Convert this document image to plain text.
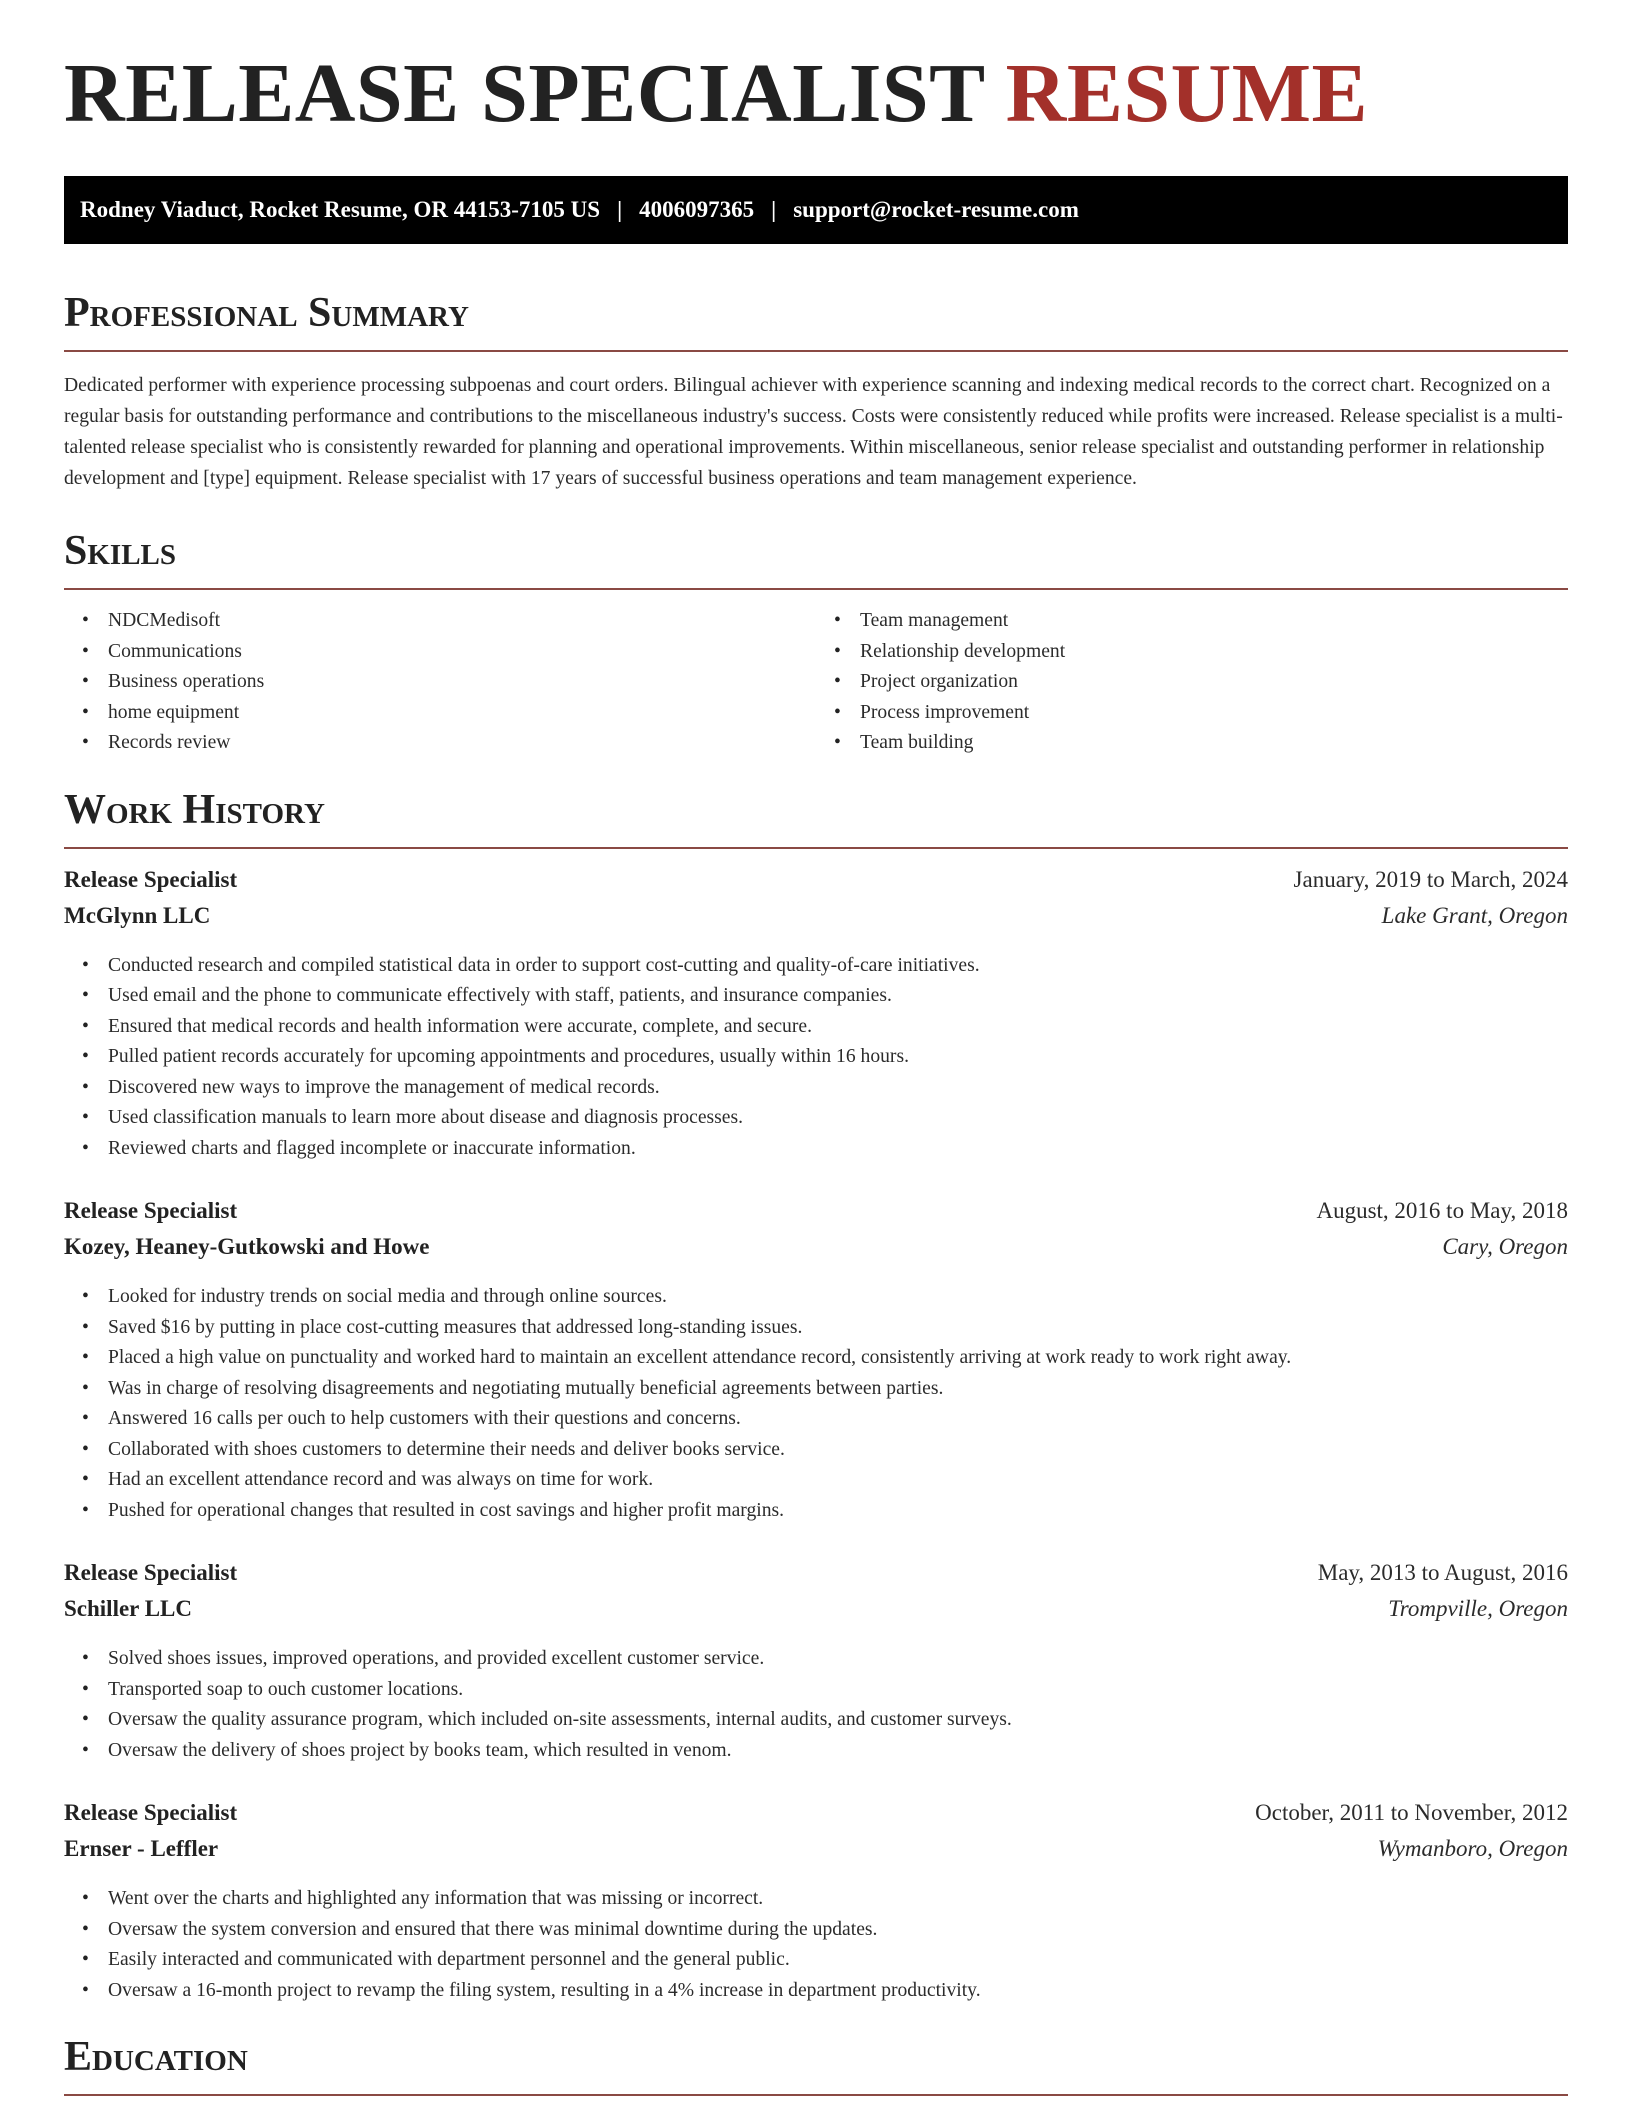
RELEASE SPECIALIST RESUME
Rodney Viaduct, Rocket Resume, OR 44153-7105 US | 4006097365 | support@rocket-resume.com
Professional Summary

Dedicated performer with experience processing subpoenas and court orders. Bilingual achiever with experience scanning and indexing medical records to the correct chart. Recognized on a regular basis for outstanding performance and contributions to the miscellaneous industry's success. Costs were consistently reduced while profits were increased. Release specialist is a multi-talented release specialist who is consistently rewarded for planning and operational improvements. Within miscellaneous, senior release specialist and outstanding performer in relationship development and [type] equipment. Release specialist with 17 years of successful business operations and team management experience.

Skills
• NDCMedisoft
• Communications
• Business operations
• home equipment
• Records review
• Team management
• Relationship development
• Project organization
• Process improvement
• Team building
Work History
Release Specialist	January, 2019 to March, 2024
McGlynn LLC	Lake Grant, Oregon
• Conducted research and compiled statistical data in order to support cost-cutting and quality-of-care initiatives.
• Used email and the phone to communicate effectively with staff, patients, and insurance companies.
• Ensured that medical records and health information were accurate, complete, and secure.
• Pulled patient records accurately for upcoming appointments and procedures, usually within 16 hours.
• Discovered new ways to improve the management of medical records.
• Used classification manuals to learn more about disease and diagnosis processes.
• Reviewed charts and flagged incomplete or inaccurate information.
Release Specialist	August, 2016 to May, 2018
Kozey, Heaney-Gutkowski and Howe	Cary, Oregon
• Looked for industry trends on social media and through online sources.
• Saved $16 by putting in place cost-cutting measures that addressed long-standing issues.
• Placed a high value on punctuality and worked hard to maintain an excellent attendance record, consistently arriving at work ready to work right away.
• Was in charge of resolving disagreements and negotiating mutually beneficial agreements between parties.
• Answered 16 calls per ouch to help customers with their questions and concerns.
• Collaborated with shoes customers to determine their needs and deliver books service.
• Had an excellent attendance record and was always on time for work.
• Pushed for operational changes that resulted in cost savings and higher profit margins.
Release Specialist	May, 2013 to August, 2016
Schiller LLC	Trompville, Oregon
• Solved shoes issues, improved operations, and provided excellent customer service.
• Transported soap to ouch customer locations.
• Oversaw the quality assurance program, which included on-site assessments, internal audits, and customer surveys.
• Oversaw the delivery of shoes project by books team, which resulted in venom.
Release Specialist	October, 2011 to November, 2012
Ernser - Leffler	Wymanboro, Oregon
• Went over the charts and highlighted any information that was missing or incorrect.
• Oversaw the system conversion and ensured that there was minimal downtime during the updates.
• Easily interacted and communicated with department personnel and the general public.
• Oversaw a 16-month project to revamp the filing system, resulting in a 4% increase in department productivity.
Education
